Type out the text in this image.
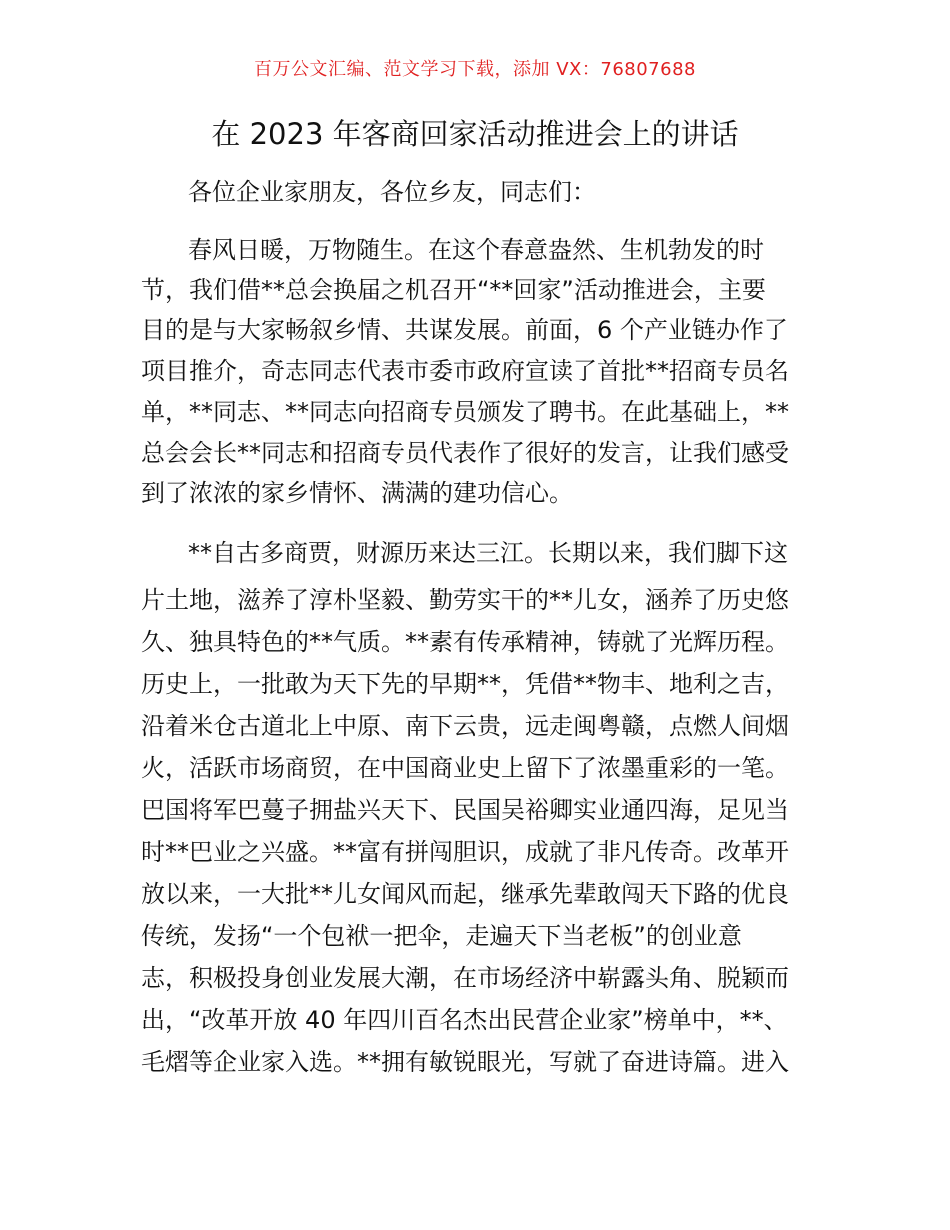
百万公文汇编、范文学习下载，添加 VX：76807688
在 2023 年客商回家活动推进会上的讲话

各位企业家朋友，各位乡友，同志们：

春风日暖，万物随生。在这个春意盎然、生机勃发的时

节，我们借**总会换届之机召开“**回家”活动推进会，主要

目的是与大家畅叙乡情、共谋发展。前面，6 个产业链办作了

项目推介，奇志同志代表市委市政府宣读了首批**招商专员名

单，**同志、**同志向招商专员颁发了聘书。在此基础上，**

总会会长**同志和招商专员代表作了很好的发言，让我们感受

到了浓浓的家乡情怀、满满的建功信心。

**自古多商贾，财源历来达三江。长期以来，我们脚下这

片土地，滋养了淳朴坚毅、勤劳实干的**儿女，涵养了历史悠

久、独具特色的**气质。**素有传承精神，铸就了光辉历程。

历史上，一批敢为天下先的早期**，凭借**物丰、地利之吉，

沿着米仓古道北上中原、南下云贵，远走闽粤赣，点燃人间烟

火，活跃市场商贸，在中国商业史上留下了浓墨重彩的一笔。

巴国将军巴蔓子拥盐兴天下、民国吴裕卿实业通四海，足见当

时**巴业之兴盛。**富有拼闯胆识，成就了非凡传奇。改革开

放以来，一大批**儿女闻风而起，继承先辈敢闯天下路的优良

传统，发扬“一个包袱一把伞，走遍天下当老板”的创业意

志，积极投身创业发展大潮，在市场经济中崭露头角、脱颖而

出，“改革开放 40 年四川百名杰出民营企业家”榜单中，**、

毛熠等企业家入选。**拥有敏锐眼光，写就了奋进诗篇。进入
